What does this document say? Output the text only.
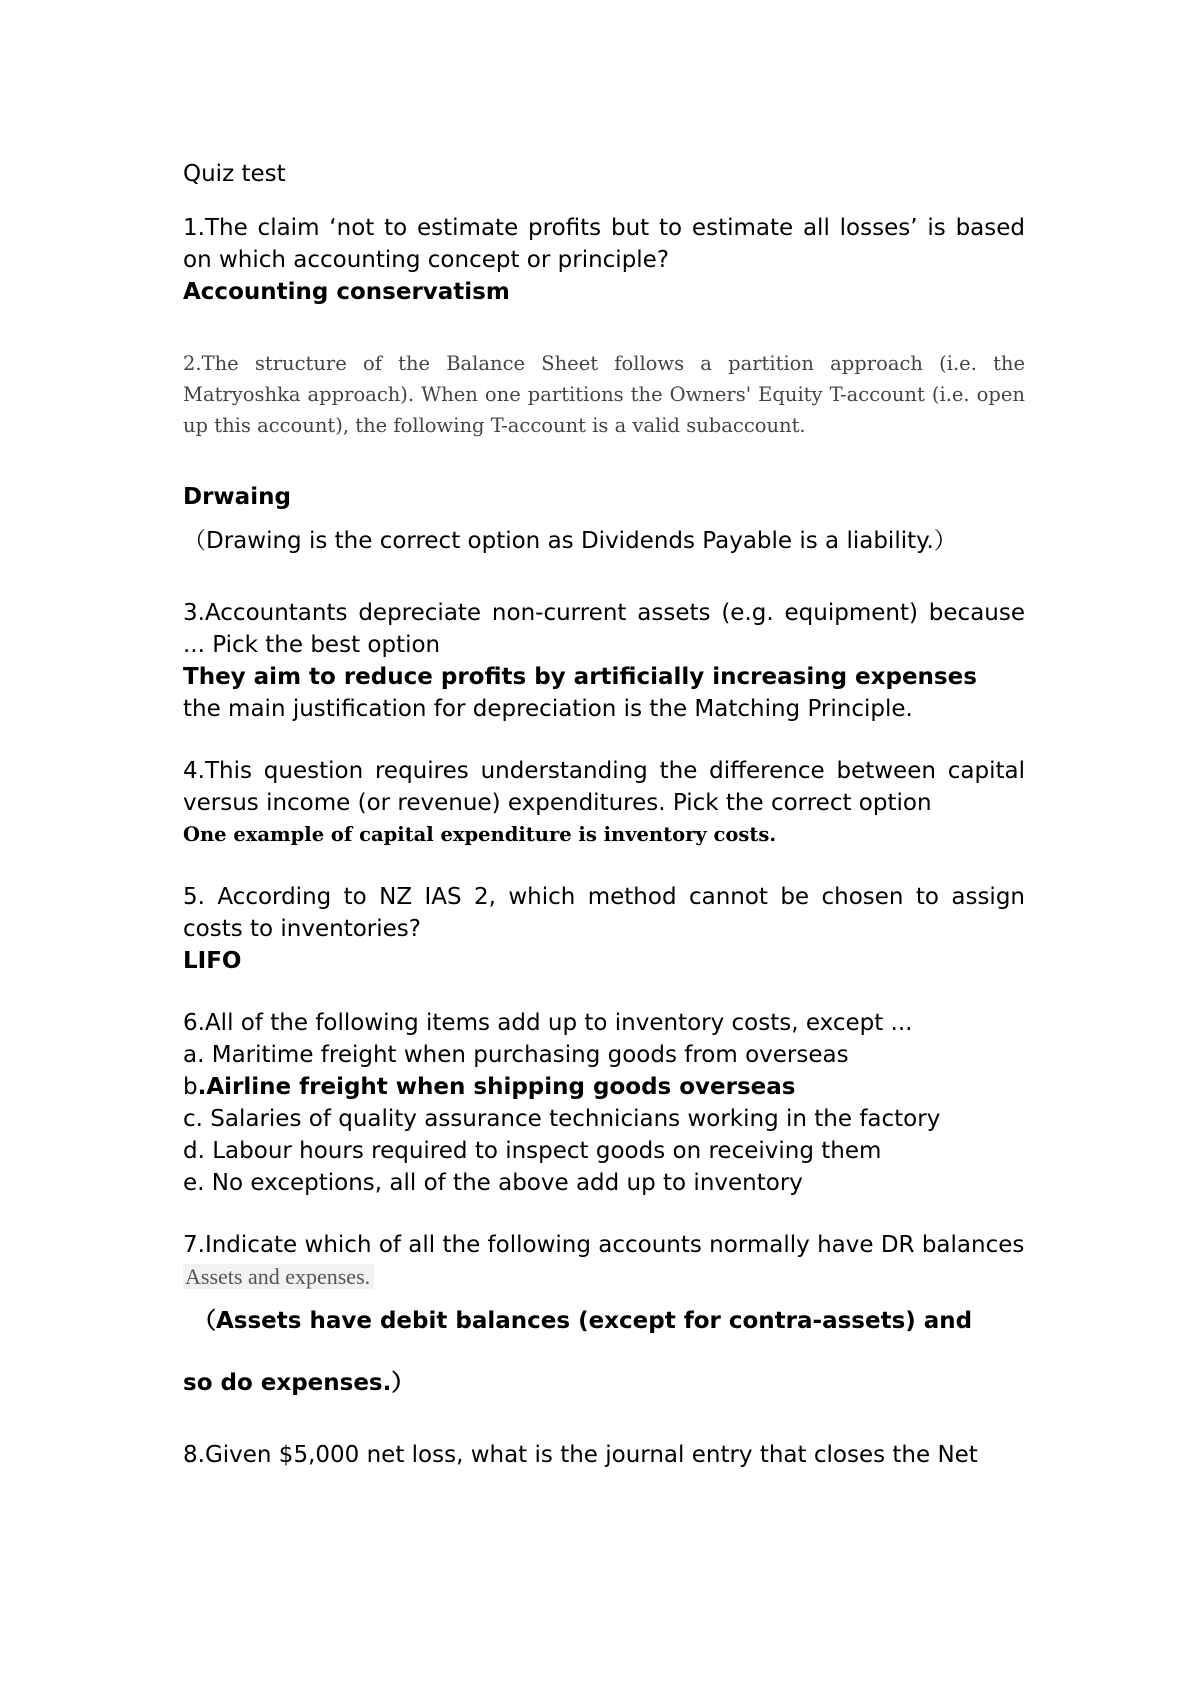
Quiz test

1.The claim ‘not to estimate profits but to estimate all losses’ is based on which accounting concept or principle?

Accounting conservatism

2.The structure of the Balance Sheet follows a partition approach (i.e. the Matryoshka approach). When one partitions the Owners' Equity T-account (i.e. open up this account), the following T-account is a valid subaccount.

Drwaing

（Drawing is the correct option as Dividends Payable is a liability.）

3.Accountants depreciate non-current assets (e.g. equipment) because ... Pick the best option

They aim to reduce profits by artificially increasing expenses

the main justification for depreciation is the Matching Principle.

4.This question requires understanding the difference between capital versus income (or revenue) expenditures. Pick the correct option

One example of capital expenditure is inventory costs.

5. According to NZ IAS 2, which method cannot be chosen to assign costs to inventories?

LIFO

6.All of the following items add up to inventory costs, except ...

a. Maritime freight when purchasing goods from overseas

b.Airline freight when shipping goods overseas

c. Salaries of quality assurance technicians working in the factory

d. Labour hours required to inspect goods on receiving them

e. No exceptions, all of the above add up to inventory

7.Indicate which of all the following accounts normally have DR balances

Assets and expenses.

（Assets have debit balances (except for contra-assets) and

so do expenses.）

8.Given $5,000 net loss, what is the journal entry that closes the Net
